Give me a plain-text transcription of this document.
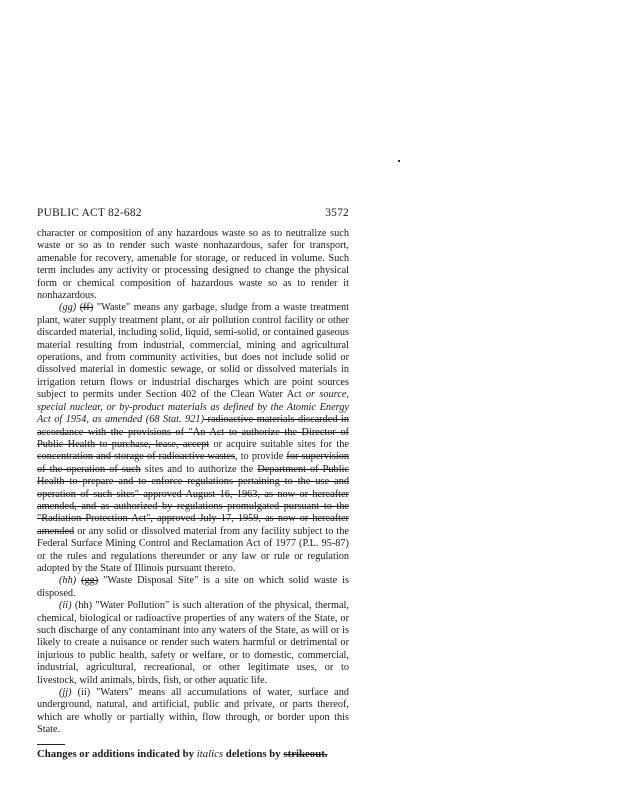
PUBLIC ACT 82-682	3572

character or composition of any hazardous waste so as to neutralize such waste or so as to render such waste nonhazardous, safer for transport, amenable for recovery, amenable for storage, or reduced in volume. Such term includes any activity or processing designed to change the physical form or chemical composition of hazardous waste so as to render it nonhazardous.

(gg) (ff) "Waste" means any garbage, sludge from a waste treatment plant, water supply treatment plant, or air pollution control facility or other discarded material, including solid, liquid, semi-solid, or contained gaseous material resulting from industrial, commercial, mining and agricultural operations, and from community activities, but does not include solid or dissolved material in domestic sewage, or solid or dissolved materials in irrigation return flows or industrial discharges which are point sources subject to permits under Section 402 of the Clean Water Act or source, special nuclear, or by-product materials as defined by the Atomic Energy Act of 1954, as amended (68 Stat. 921) radioactive materials discarded in accordance with the provisions of "An Act to authorize the Director of Public Health to purchase, lease, accept or acquire suitable sites for the concentration and storage of radioactive wastes, to provide for supervision of the operation of such sites and to authorize the Department of Public Health to prepare and to enforce regulations pertaining to the use and operation of such sites" approved August 16, 1963, as now or hereafter amended, and as authorized by regulations promulgated pursuant to the "Radiation Protection Act", approved July 17, 1959, as now or hereafter amended or any solid or dissolved material from any facility subject to the Federal Surface Mining Control and Reclamation Act of 1977 (P.L. 95-87) or the rules and regulations thereunder or any law or rule or regulation adopted by the State of Illinois pursuant thereto.

(hh) (gg) "Waste Disposal Site" is a site on which solid waste is disposed.

(ii) (hh) "Water Pollution" is such alteration of the physical, thermal, chemical, biological or radioactive properties of any waters of the State, or such discharge of any contaminant into any waters of the State, as will or is likely to create a nuisance or render such waters harmful or detrimental or injurious to public health, safety or welfare, or to domestic, commercial, industrial, agricultural, recreational, or other legitimate uses, or to livestock, wild animals, birds, fish, or other aquatic life.

(jj) (ii) "Waters" means all accumulations of water, surface and underground, natural, and artificial, public and private, or parts thereof, which are wholly or partially within, flow through, or border upon this State.

Changes or additions indicated by italics deletions by strikeout.
